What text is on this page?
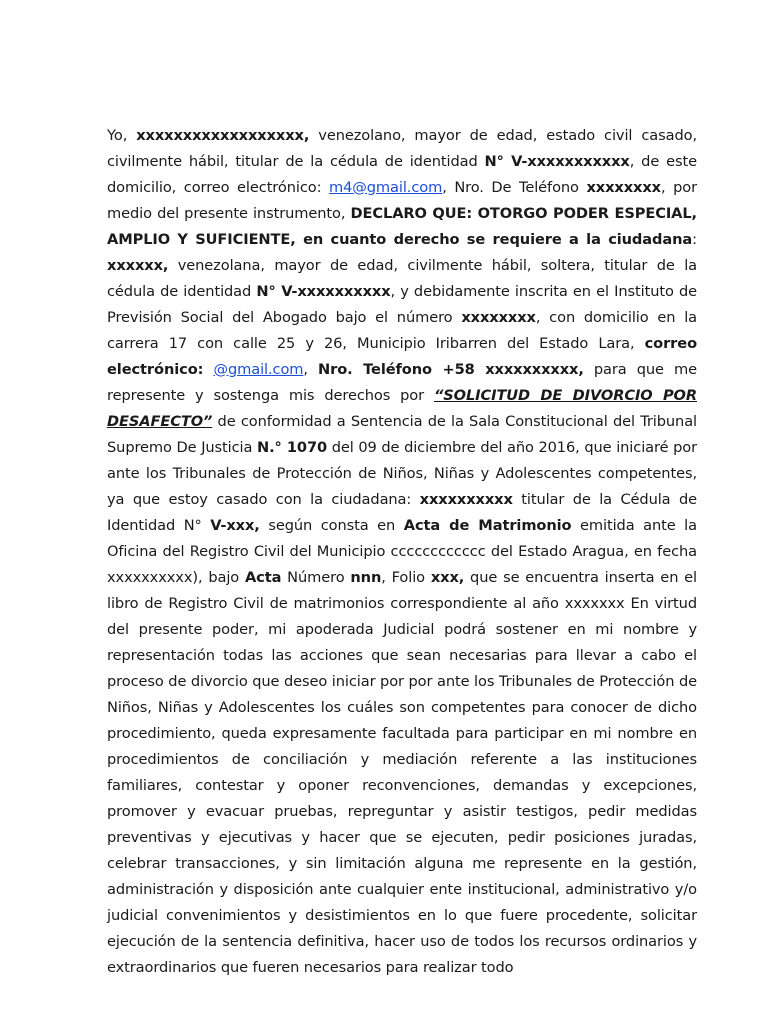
Yo, xxxxxxxxxxxxxxxxxx, venezolano, mayor de edad, estado civil casado, civilmente hábil, titular de la cédula de identidad N° V-xxxxxxxxxxx, de este domicilio, correo electrónico: m4@gmail.com, Nro. De Teléfono xxxxxxxx, por medio del presente instrumento, DECLARO QUE: OTORGO PODER ESPECIAL, AMPLIO Y SUFICIENTE, en cuanto derecho se requiere a la ciudadana: xxxxxx, venezolana, mayor de edad, civilmente hábil, soltera, titular de la cédula de identidad N° V-xxxxxxxxxx, y debidamente inscrita en el Instituto de Previsión Social del Abogado bajo el número xxxxxxxx, con domicilio en la carrera 17 con calle 25 y 26, Municipio Iribarren del Estado Lara, correo electrónico: @gmail.com, Nro. Teléfono +58 xxxxxxxxxx, para que me represente y sostenga mis derechos por “SOLICITUD DE DIVORCIO POR DESAFECTO” de conformidad a Sentencia de la Sala Constitucional del Tribunal Supremo De Justicia N.° 1070 del 09 de diciembre del año 2016, que iniciaré por ante los Tribunales de Protección de Niños, Niñas y Adolescentes competentes, ya que estoy casado con la ciudadana: xxxxxxxxxx titular de la Cédula de Identidad N° V-xxx, según consta en Acta de Matrimonio emitida ante la Oficina del Registro Civil del Municipio cccccccccccc del Estado Aragua, en fecha xxxxxxxxxx), bajo Acta Número nnn, Folio xxx, que se encuentra inserta en el libro de Registro Civil de matrimonios correspondiente al año xxxxxxx En virtud del presente poder, mi apoderada Judicial podrá sostener en mi nombre y representación todas las acciones que sean necesarias para llevar a cabo el proceso de divorcio que deseo iniciar por por ante los Tribunales de Protección de Niños, Niñas y Adolescentes los cuáles son competentes para conocer de dicho procedimiento, queda expresamente facultada para participar en mi nombre en procedimientos de conciliación y mediación referente a las instituciones familiares, contestar y oponer reconvenciones, demandas y excepciones, promover y evacuar pruebas, repreguntar y asistir testigos, pedir medidas preventivas y ejecutivas y hacer que se ejecuten, pedir posiciones juradas, celebrar transacciones, y sin limitación alguna me represente en la gestión, administración y disposición ante cualquier ente institucional, administrativo y/o judicial convenimientos y desistimientos en lo que fuere procedente, solicitar ejecución de la sentencia definitiva, hacer uso de todos los recursos ordinarios y extraordinarios que fueren necesarios para realizar todo
